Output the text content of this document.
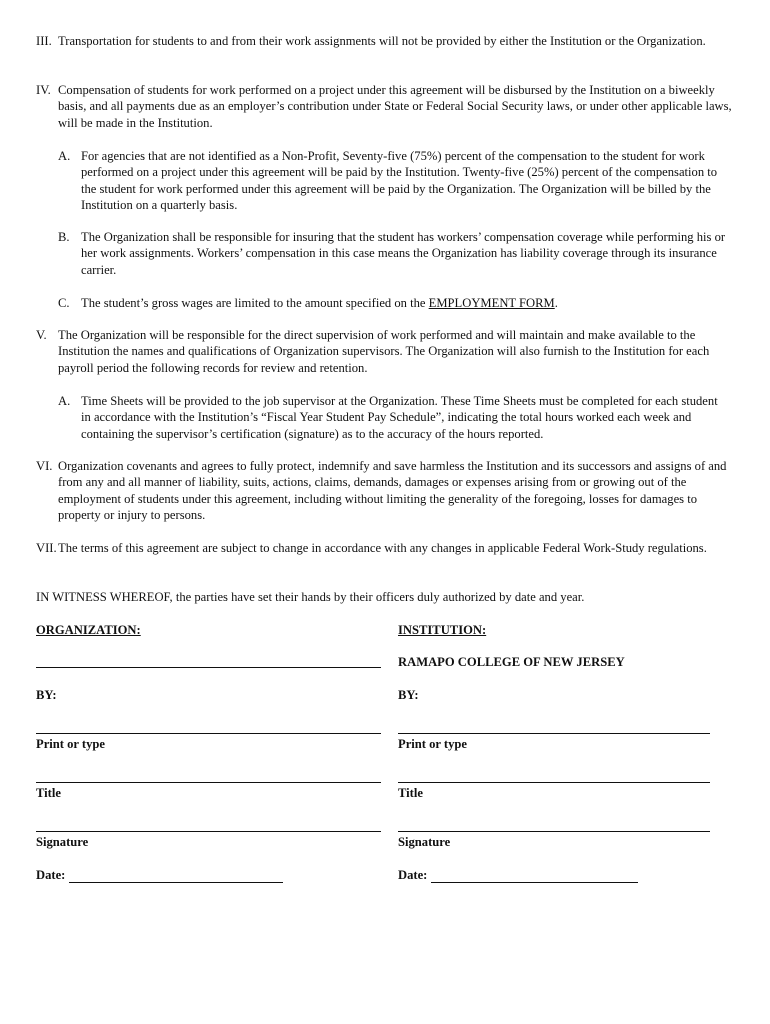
III. Transportation for students to and from their work assignments will not be provided by either the Institution or the Organization.
IV. Compensation of students for work performed on a project under this agreement will be disbursed by the Institution on a biweekly basis, and all payments due as an employer’s contribution under State or Federal Social Security laws, or under other applicable laws, will be made in the Institution.
A. For agencies that are not identified as a Non-Profit, Seventy-five (75%) percent of the compensation to the student for work performed on a project under this agreement will be paid by the Institution. Twenty-five (25%) percent of the compensation to the student for work performed under this agreement will be paid by the Organization. The Organization will be billed by the Institution on a quarterly basis.
B. The Organization shall be responsible for insuring that the student has workers’ compensation coverage while performing his or her work assignments. Workers’ compensation in this case means the Organization has liability coverage through its insurance carrier.
C. The student’s gross wages are limited to the amount specified on the EMPLOYMENT FORM.
V. The Organization will be responsible for the direct supervision of work performed and will maintain and make available to the Institution the names and qualifications of Organization supervisors. The Organization will also furnish to the Institution for each payroll period the following records for review and retention.
A. Time Sheets will be provided to the job supervisor at the Organization. These Time Sheets must be completed for each student in accordance with the Institution’s “Fiscal Year Student Pay Schedule”, indicating the total hours worked each week and containing the supervisor’s certification (signature) as to the accuracy of the hours reported.
VI. Organization covenants and agrees to fully protect, indemnify and save harmless the Institution and its successors and assigns of and from any and all manner of liability, suits, actions, claims, demands, damages or expenses arising from or growing out of the employment of students under this agreement, including without limiting the generality of the foregoing, losses for damages to property or injury to persons.
VII. The terms of this agreement are subject to change in accordance with any changes in applicable Federal Work-Study regulations.
IN WITNESS WHEREOF, the parties have set their hands by their officers duly authorized by date and year.
ORGANIZATION:
BY:
Print or type
Title
Signature
Date:
INSTITUTION:
RAMAPO COLLEGE OF NEW JERSEY
BY:
Print or type
Title
Signature
Date:
